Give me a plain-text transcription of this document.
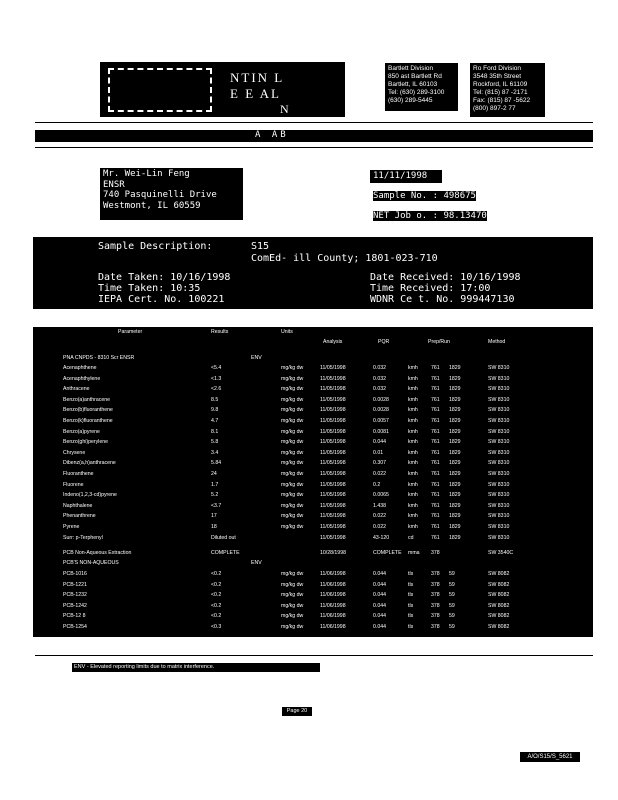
NTIN L
E E AL
N
Bartlett Division
850 ast Bartlett Rd
Bartlett, IL 60103
Tel: (630) 289-3100
(630) 289-5445
Ro Ford Division
3548 35th Street
Rockford, IL 61109
Tel: (815) 87 -2171
Fax: (815) 87 -5622
(800) 897-2 77
A AB
Mr. Wei-Lin Feng
ENSR
740 Pasquinelli Drive
Westmont, IL 60559
11/11/1998
Sample No. : 498675
NET Job o. : 98.13470
Sample Description:	S15
ComEd- ill County; 1801-023-710
Date Taken: 10/16/1998
Time Taken: 10:35
IEPA Cert. No. 100221
Date Received: 10/16/1998
Time Received: 17:00
WDNR Ce t. No. 999447130
Parameter	Results	Units
Analysis	PQR	Prep/Run	Method
PNA CNPDS - 8310 Scr ENSR	ENV
Acenaphthene	<5.4	mg/kg dw	11/05/1998	0.032	kmh	761 1829	SW 8310
Acenaphthylene	<1.3	mg/kg dw	11/05/1998	0.032	kmh	761 1829	SW 8310
Anthracene	<2.6	mg/kg dw	11/05/1998	0.032	kmh	761 1829	SW 8310
Benzo(a)anthracene	8.5	mg/kg dw	11/05/1998	0.0028	kmh	761 1829	SW 8310
Benzo(b)fluoranthene	9.8	mg/kg dw	11/05/1998	0.0028	kmh	761 1829	SW 8310
Benzo(k)fluoranthene	4.7	mg/kg dw	11/05/1998	0.0057	kmh	761 1829	SW 8310
Benzo(a)pyrene	8.1	mg/kg dw	11/05/1998	0.0081	kmh	761 1829	SW 8310
Benzo(ghi)perylene	5.8	mg/kg dw	11/05/1998	0.044	kmh	761 1829	SW 8310
Chrysene	3.4	mg/kg dw	11/05/1998	0.01	kmh	761 1829	SW 8310
Dibenz(a,h)anthracene	5.84	mg/kg dw	11/05/1998	0.307	kmh	761 1829	SW 8310
Fluoranthene	24	mg/kg dw	11/05/1998	0.022	kmh	761 1829	SW 8310
Fluorene	1.7	mg/kg dw	11/05/1998	0.2	kmh	761 1829	SW 8310
Indeno(1,2,3-cd)pyrene	5.2	mg/kg dw	11/05/1998	0.0065	kmh	761 1829	SW 8310
Naphthalene	<3.7	mg/kg dw	11/05/1998	1.438	kmh	761 1829	SW 8310
Phenanthrene	17	mg/kg dw	11/05/1998	0.022	kmh	761 1829	SW 8310
Pyrene	18	mg/kg dw	11/05/1998	0.022	kmh	761 1829	SW 8310
Surr: p-Terphenyl	Diluted out	11/05/1998	43-120	cd	761 1829	SW 8310
PCB Non-Aqueous Extraction	COMPLETE	10/28/1998	COMPLETE mma 378	SW 3540C
PCB'S NON-AQUEOUS	ENV
PCB-1016	<0.2	mg/kg dw	11/06/1998	0.044	tls	378 59	SW 8082
PCB-1221	<0.2	mg/kg dw	11/06/1998	0.044	tls	378 59	SW 8082
PCB-1232	<0.2	mg/kg dw	11/06/1998	0.044	tls	378 59	SW 8082
PCB-1242	<0.2	mg/kg dw	11/06/1998	0.044	tls	378 59	SW 8082
PCB-12 8	<0.2	mg/kg dw	11/06/1998	0.044	tls	378 59	SW 8082
PCB-1254	<0.3	mg/kg dw	11/06/1998	0.044	tls	378 59	SW 8082
ENV - Elevated reporting limits due to matrix interference.
Page 20
A/O/S15/S_5621
